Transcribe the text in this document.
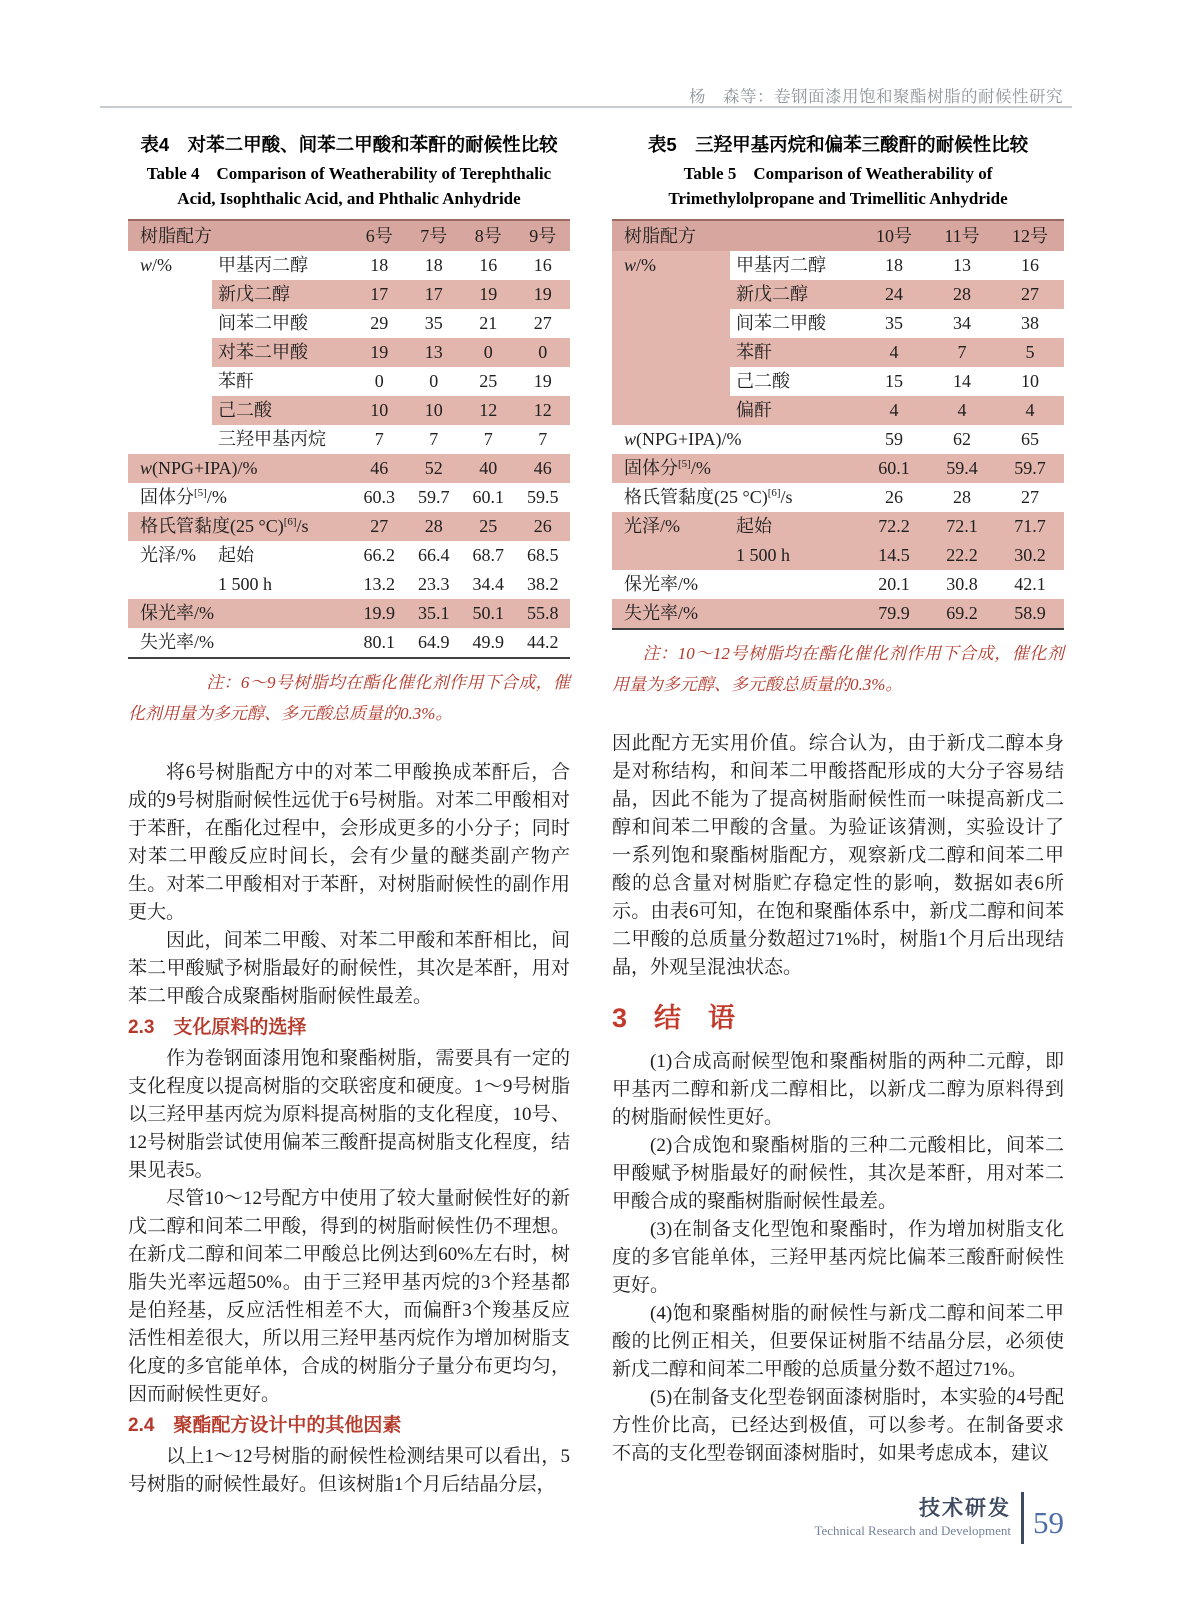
杨　森等：卷钢面漆用饱和聚酯树脂的耐候性研究
表4　对苯二甲酸、间苯二甲酸和苯酐的耐候性比较
Table 4　Comparison of Weatherability of Terephthalic Acid, Isophthalic Acid, and Phthalic Anhydride
树脂配方	6号	7号	8号	9号
w/%	甲基丙二醇	18	18	16	16
新戊二醇	17	17	19	19
间苯二甲酸	29	35	21	27
对苯二甲酸	19	13	0	0
苯酐	0	0	25	19
己二酸	10	10	12	12
三羟甲基丙烷	7	7	7	7
w(NPG+IPA)/%	46	52	40	46
固体分[5]/%	60.3	59.7	60.1	59.5
格氏管黏度(25 °C)[6]/s	27	28	25	26
光泽/%	起始	66.2	66.4	68.7	68.5
1 500 h	13.2	23.3	34.4	38.2
保光率/%	19.9	35.1	50.1	55.8
失光率/%	80.1	64.9	49.9	44.2

注：6～9号树脂均在酯化催化剂作用下合成，催化剂用量为多元醇、多元酸总质量的0.3%。

将6号树脂配方中的对苯二甲酸换成苯酐后，合成的9号树脂耐候性远优于6号树脂。对苯二甲酸相对于苯酐，在酯化过程中，会形成更多的小分子；同时对苯二甲酸反应时间长，会有少量的醚类副产物产生。对苯二甲酸相对于苯酐，对树脂耐候性的副作用更大。

因此，间苯二甲酸、对苯二甲酸和苯酐相比，间苯二甲酸赋予树脂最好的耐候性，其次是苯酐，用对苯二甲酸合成聚酯树脂耐候性最差。

2.3　支化原料的选择

作为卷钢面漆用饱和聚酯树脂，需要具有一定的支化程度以提高树脂的交联密度和硬度。1～9号树脂以三羟甲基丙烷为原料提高树脂的支化程度，10号、12号树脂尝试使用偏苯三酸酐提高树脂支化程度，结果见表5。

尽管10～12号配方中使用了较大量耐候性好的新戊二醇和间苯二甲酸，得到的树脂耐候性仍不理想。在新戊二醇和间苯二甲酸总比例达到60%左右时，树脂失光率远超50%。由于三羟甲基丙烷的3个羟基都是伯羟基，反应活性相差不大，而偏酐3个羧基反应活性相差很大，所以用三羟甲基丙烷作为增加树脂支化度的多官能单体，合成的树脂分子量分布更均匀，因而耐候性更好。

2.4　聚酯配方设计中的其他因素

以上1～12号树脂的耐候性检测结果可以看出，5号树脂的耐候性最好。但该树脂1个月后结晶分层，

表5　三羟甲基丙烷和偏苯三酸酐的耐候性比较
Table 5　Comparison of Weatherability of Trimethylolpropane and Trimellitic Anhydride
树脂配方	10号	11号	12号
w/%	甲基丙二醇	18	13	16
新戊二醇	24	28	27
间苯二甲酸	35	34	38
苯酐	4	7	5
己二酸	15	14	10
偏酐	4	4	4
w(NPG+IPA)/%	59	62	65
固体分[5]/%	60.1	59.4	59.7
格氏管黏度(25 °C)[6]/s	26	28	27
光泽/%	起始	72.2	72.1	71.7
1 500 h	14.5	22.2	30.2
保光率/%	20.1	30.8	42.1
失光率/%	79.9	69.2	58.9

注：10～12号树脂均在酯化催化剂作用下合成，催化剂用量为多元醇、多元酸总质量的0.3%。

因此配方无实用价值。综合认为，由于新戊二醇本身是对称结构，和间苯二甲酸搭配形成的大分子容易结晶，因此不能为了提高树脂耐候性而一味提高新戊二醇和间苯二甲酸的含量。为验证该猜测，实验设计了一系列饱和聚酯树脂配方，观察新戊二醇和间苯二甲酸的总含量对树脂贮存稳定性的影响，数据如表6所示。由表6可知，在饱和聚酯体系中，新戊二醇和间苯二甲酸的总质量分数超过71%时，树脂1个月后出现结晶，外观呈混浊状态。

3　结　语

(1)合成高耐候型饱和聚酯树脂的两种二元醇，即甲基丙二醇和新戊二醇相比，以新戊二醇为原料得到的树脂耐候性更好。

(2)合成饱和聚酯树脂的三种二元酸相比，间苯二甲酸赋予树脂最好的耐候性，其次是苯酐，用对苯二甲酸合成的聚酯树脂耐候性最差。

(3)在制备支化型饱和聚酯时，作为增加树脂支化度的多官能单体，三羟甲基丙烷比偏苯三酸酐耐候性更好。

(4)饱和聚酯树脂的耐候性与新戊二醇和间苯二甲酸的比例正相关，但要保证树脂不结晶分层，必须使新戊二醇和间苯二甲酸的总质量分数不超过71%。

(5)在制备支化型卷钢面漆树脂时，本实验的4号配方性价比高，已经达到极值，可以参考。在制备要求不高的支化型卷钢面漆树脂时，如果考虑成本，建议

技术研发
Technical Research and Development 59
